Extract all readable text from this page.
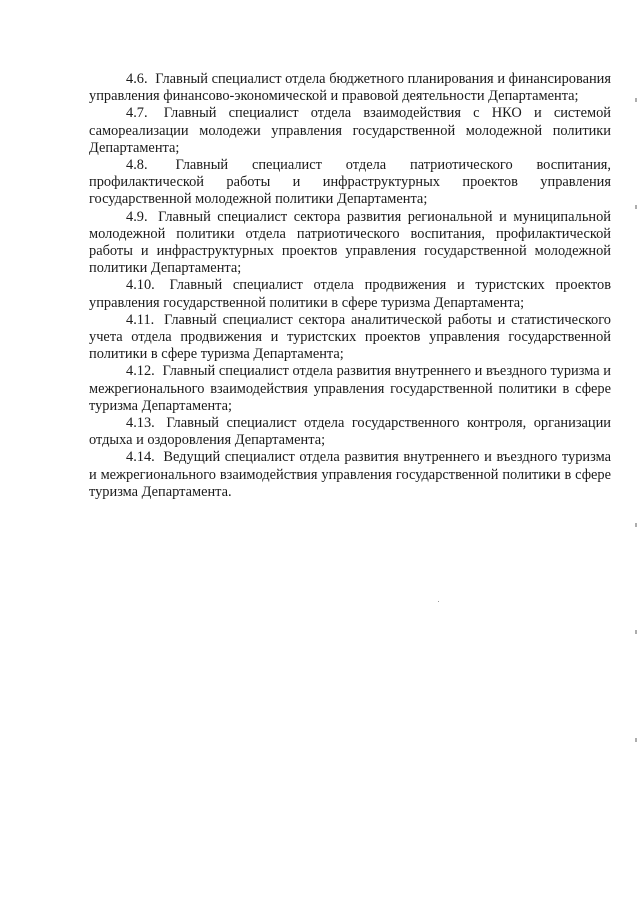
4.6. Главный специалист отдела бюджетного планирования и финансирования управления финансово-экономической и правовой деятельности Департамента;

4.7. Главный специалист отдела взаимодействия с НКО и системой самореализации молодежи управления государственной молодежной политики Департамента;

4.8. Главный специалист отдела патриотического воспитания, профилактической работы и инфраструктурных проектов управления государственной молодежной политики Департамента;

4.9. Главный специалист сектора развития региональной и муниципальной молодежной политики отдела патриотического воспитания, профилактической работы и инфраструктурных проектов управления государственной молодежной политики Департамента;

4.10. Главный специалист отдела продвижения и туристских проектов управления государственной политики в сфере туризма Департамента;

4.11. Главный специалист сектора аналитической работы и статистического учета отдела продвижения и туристских проектов управления государственной политики в сфере туризма Департамента;

4.12. Главный специалист отдела развития внутреннего и въездного туризма и межрегионального взаимодействия управления государственной политики в сфере туризма Департамента;

4.13. Главный специалист отдела государственного контроля, организации отдыха и оздоровления Департамента;

4.14. Ведущий специалист отдела развития внутреннего и въездного туризма и межрегионального взаимодействия управления государственной политики в сфере туризма Департамента.
